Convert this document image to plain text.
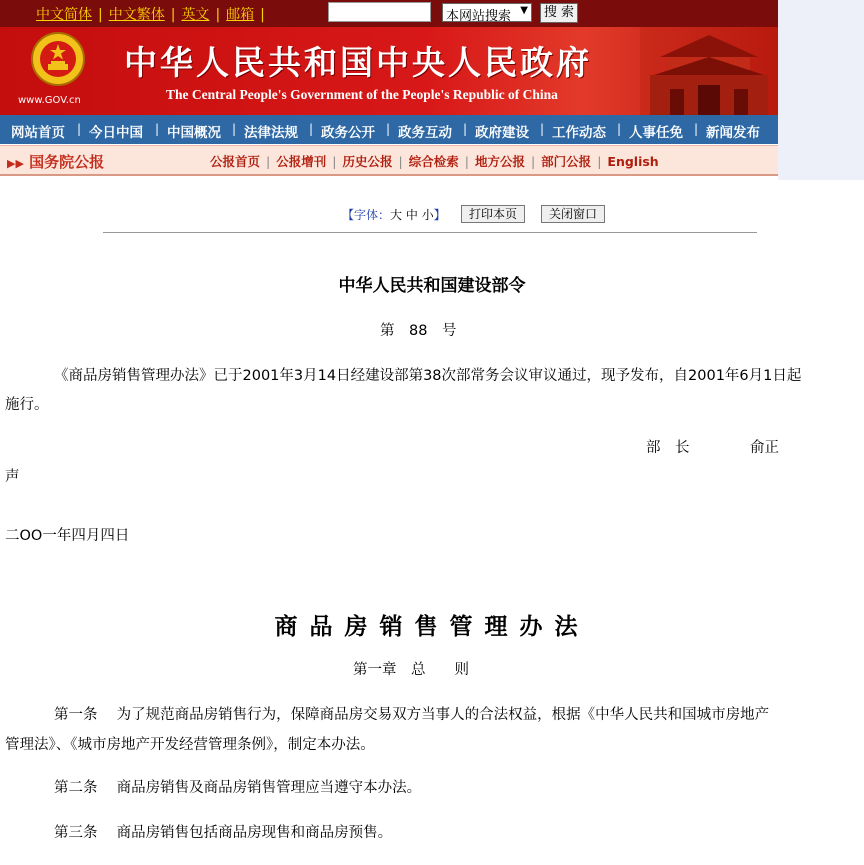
中文简体 | 中文繁体 | 英文 | 邮箱 |	本网站搜索 ▼	搜 索
www.GOV.cn
中华人民共和国中央人民政府
The Central People's Government of the People's Republic of China
网站首页 | 今日中国 | 中国概况 | 法律法规 | 政务公开 | 政务互动 | 政府建设 | 工作动态 | 人事任免 | 新闻发布
▶▶ 国务院公报	公报首页 | 公报增刊 | 历史公报 | 综合检索 | 地方公报 | 部门公报 | English
【字体：大 中 小】	打印本页	关闭窗口
中华人民共和国建设部令
第　88　号
《商品房销售管理办法》已于2001年3月14日经建设部第38次部常务会议审议通过，现予发布，自2001年6月1日起
施行。
部　长	俞正
声
二OO一年四月四日
商品房销售管理办法
第一章　总　　则
第一条　 为了规范商品房销售行为，保障商品房交易双方当事人的合法权益，根据《中华人民共和国城市房地产
管理法》、《城市房地产开发经营管理条例》，制定本办法。
第二条　 商品房销售及商品房销售管理应当遵守本办法。
第三条　 商品房销售包括商品房现售和商品房预售。
